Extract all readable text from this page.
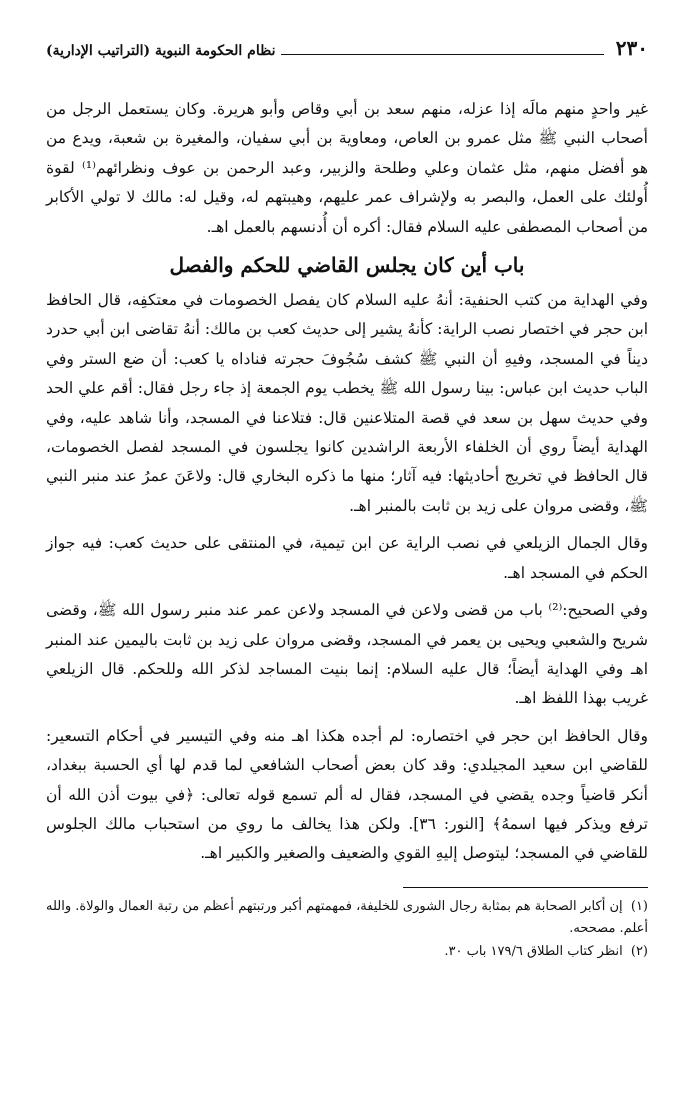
٢٣٠
نظام الحكومة النبوية (التراتيب الإدارية)

غير واحدٍ منهم مالَه إذا عزله، منهم سعد بن أبي وقاص وأبو هريرة. وكان يستعمل الرجل من أصحاب النبي ﷺ مثل عمرو بن العاص، ومعاوية بن أبي سفيان، والمغيرة بن شعبة، ويدع من هو أفضل منهم، مثل عثمان وعلي وطلحة والزبير، وعبد الرحمن بن عوف ونظرائهم⁽¹⁾ لقوة أُولئك على العمل، والبصر به ولإشراف عمر عليهم، وهيبتهم له، وقيل له: مالك لا تولي الأكابر من أصحاب المصطفى عليه السلام فقال: أكره أن أُدنسهم بالعمل اهـ.

باب أين كان يجلس القاضي للحكم والفصل

وفي الهداية من كتب الحنفية: أنهُ عليه السلام كان يفصل الخصومات في معتكفِه، قال الحافظ ابن حجر في اختصار نصب الراية: كأنهُ يشير إلى حديث كعب بن مالك: أنهُ تقاضى ابن أبي حدرد ديناً في المسجد، وفيهِ أن النبي ﷺ كشف سُجُوفَ حجرته فناداه يا كعب: أن ضع الستر وفي الباب حديث ابن عباس: بينا رسول الله ﷺ يخطب يوم الجمعة إذ جاء رجل فقال: أقم علي الحد وفي حديث سهل بن سعد في قصة المتلاعنين قال: فتلاعنا في المسجد، وأنا شاهد عليه، وفي الهداية أيضاً روي أن الخلفاء الأربعة الراشدين كانوا يجلسون في المسجد لفصل الخصومات، قال الحافظ في تخريج أحاديثها: فيه آثار؛ منها ما ذكره البخاري قال: ولاعَنَ عمرُ عند منبر النبي ﷺ، وقضى مروان على زيد بن ثابت بالمنبر اهـ.

وقال الجمال الزيلعي في نصب الراية عن ابن تيمية، في المنتقى على حديث كعب: فيه جواز الحكم في المسجد اهـ.

وفي الصحيح:⁽²⁾ باب من قضى ولاعن في المسجد ولاعن عمر عند منبر رسول الله ﷺ، وقضى شريح والشعبي ويحيى بن يعمر في المسجد، وقضى مروان على زيد بن ثابت باليمين عند المنبر اهـ وفي الهداية أيضاً؛ قال عليه السلام: إنما بنيت المساجد لذكر الله وللحكم. قال الزيلعي غريب بهذا اللفظ اهـ.

وقال الحافظ ابن حجر في اختصاره: لم أجده هكذا اهـ منه وفي التيسير في أحكام التسعير: للقاضي ابن سعيد المجيلدي: وقد كان بعض أصحاب الشافعي لما قدم لها أي الحسبة ببغداد، أنكر قاضياً وجده يقضي في المسجد، فقال له ألم تسمع قوله تعالى: ﴿في بيوت أذن الله أن ترفع ويذكر فيها اسمهُ﴾ [النور: ٣٦]. ولكن هذا يخالف ما روي من استحباب مالك الجلوس للقاضي في المسجد؛ ليتوصل إليهِ القوي والضعيف والصغير والكبير اهـ.

(١) إن أكابر الصحابة هم بمثابة رجال الشورى للخليفة، فمهمتهم أكبر ورتبتهم أعظم من رتبة العمال والولاة. والله أعلم. مصححه.

(٢) انظر كتاب الطلاق ١٧٩/٦ باب ٣٠.
